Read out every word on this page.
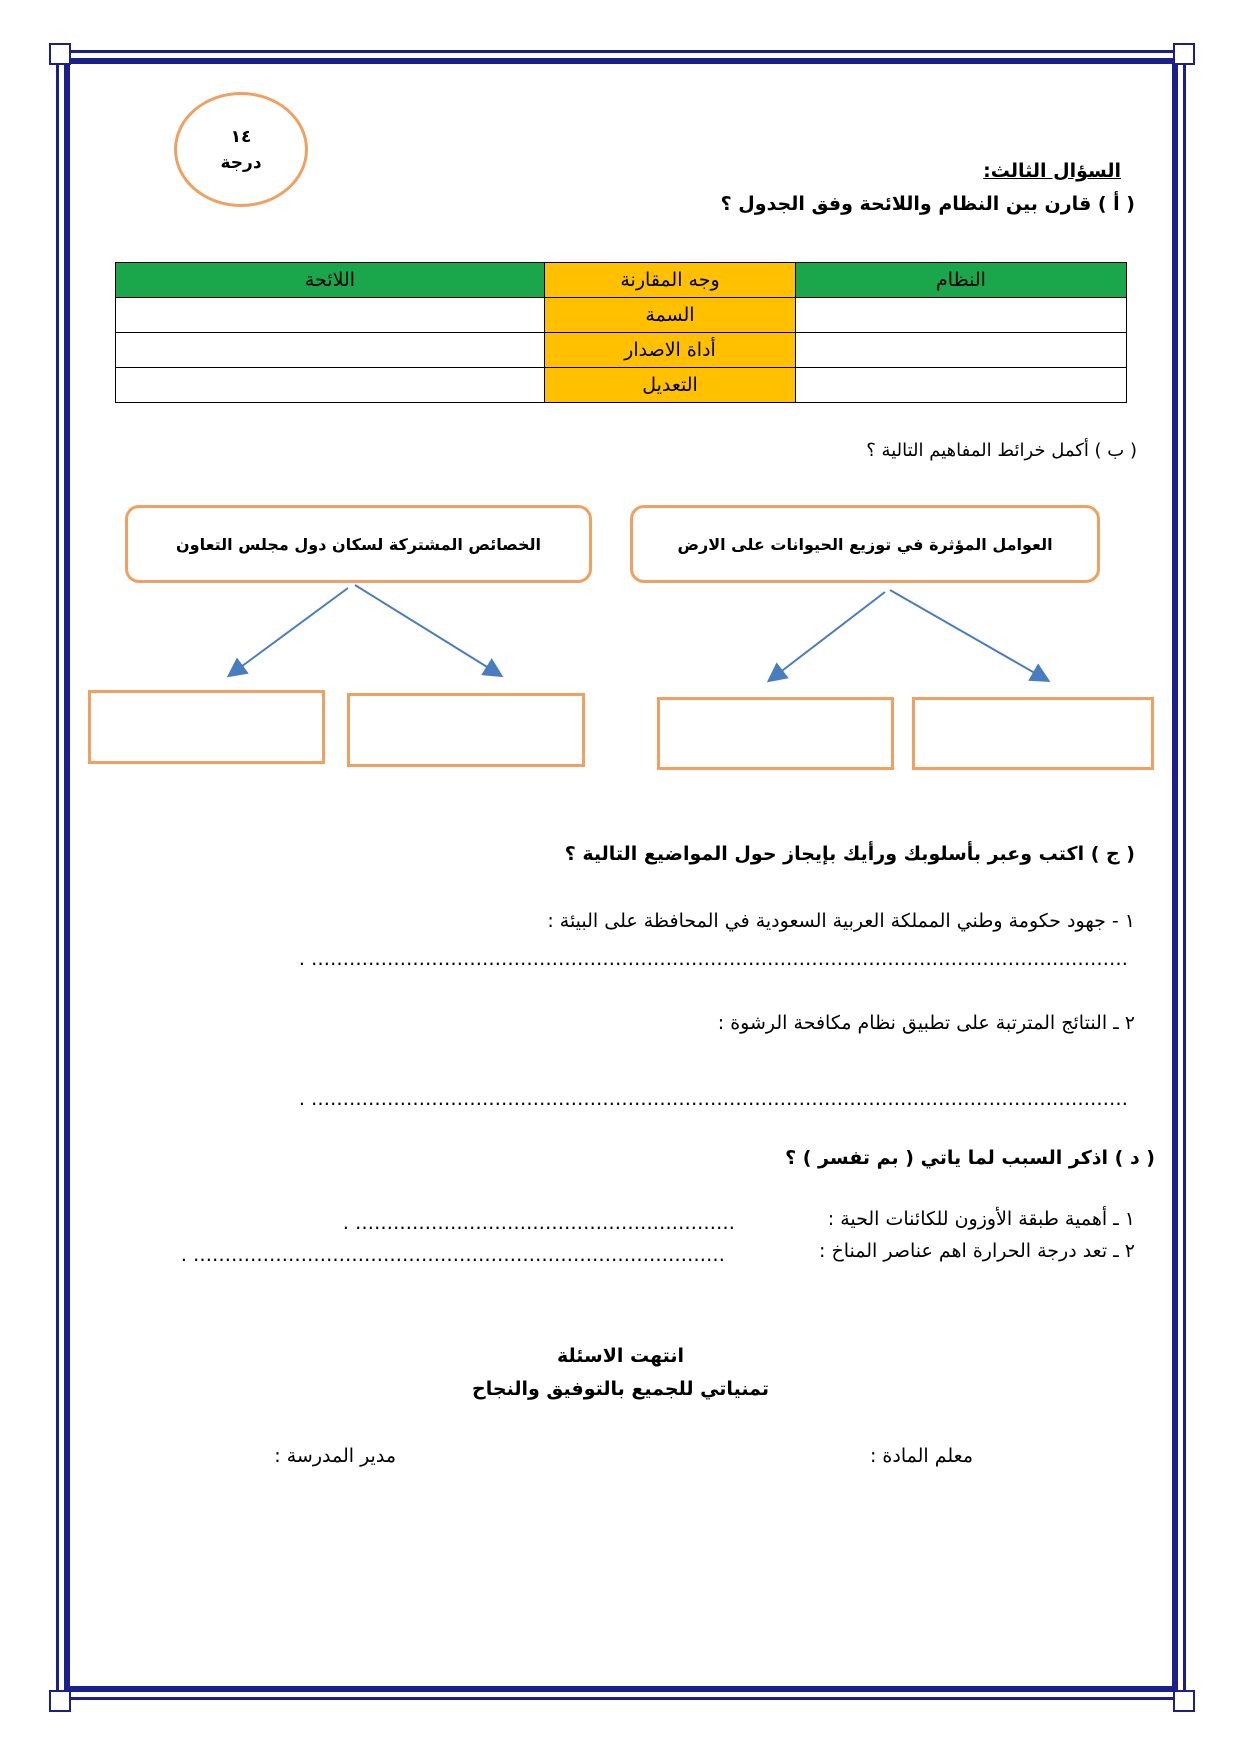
١٤
درجة	السؤال الثالث:
( أ ) قارن بين النظام واللائحة وفق الجدول ؟
النظام	وجه المقارنة	اللائحة
	السمة	
	أداة الاصدار	
	التعديل	
( ب ) أكمل خرائط المفاهيم التالية ؟
العوامل المؤثرة في توزيع الحيوانات على الارض
الخصائص المشتركة لسكان دول مجلس التعاون
( ج ) اكتب وعبر بأسلوبك ورأيك بإيجاز حول المواضيع التالية ؟
١ - جهود حكومة وطني المملكة العربية السعودية في المحافظة على البيئة :
………………………………………………………………………………………………………………… .
٢ ـ النتائج المترتبة على تطبيق نظام مكافحة الرشوة :
………………………………………………………………………………………………………………… .
( د ) اذكر السبب لما ياتي ( بم تفسر ) ؟
١ ـ أهمية طبقة الأوزون للكائنات الحية :
…………………………………………………… .
٢ ـ تعد درجة الحرارة اهم عناصر المناخ :
………………………………………………………………………… .
انتهت الاسئلة
تمنياتي للجميع بالتوفيق والنجاح
معلم المادة :
مدير المدرسة :
